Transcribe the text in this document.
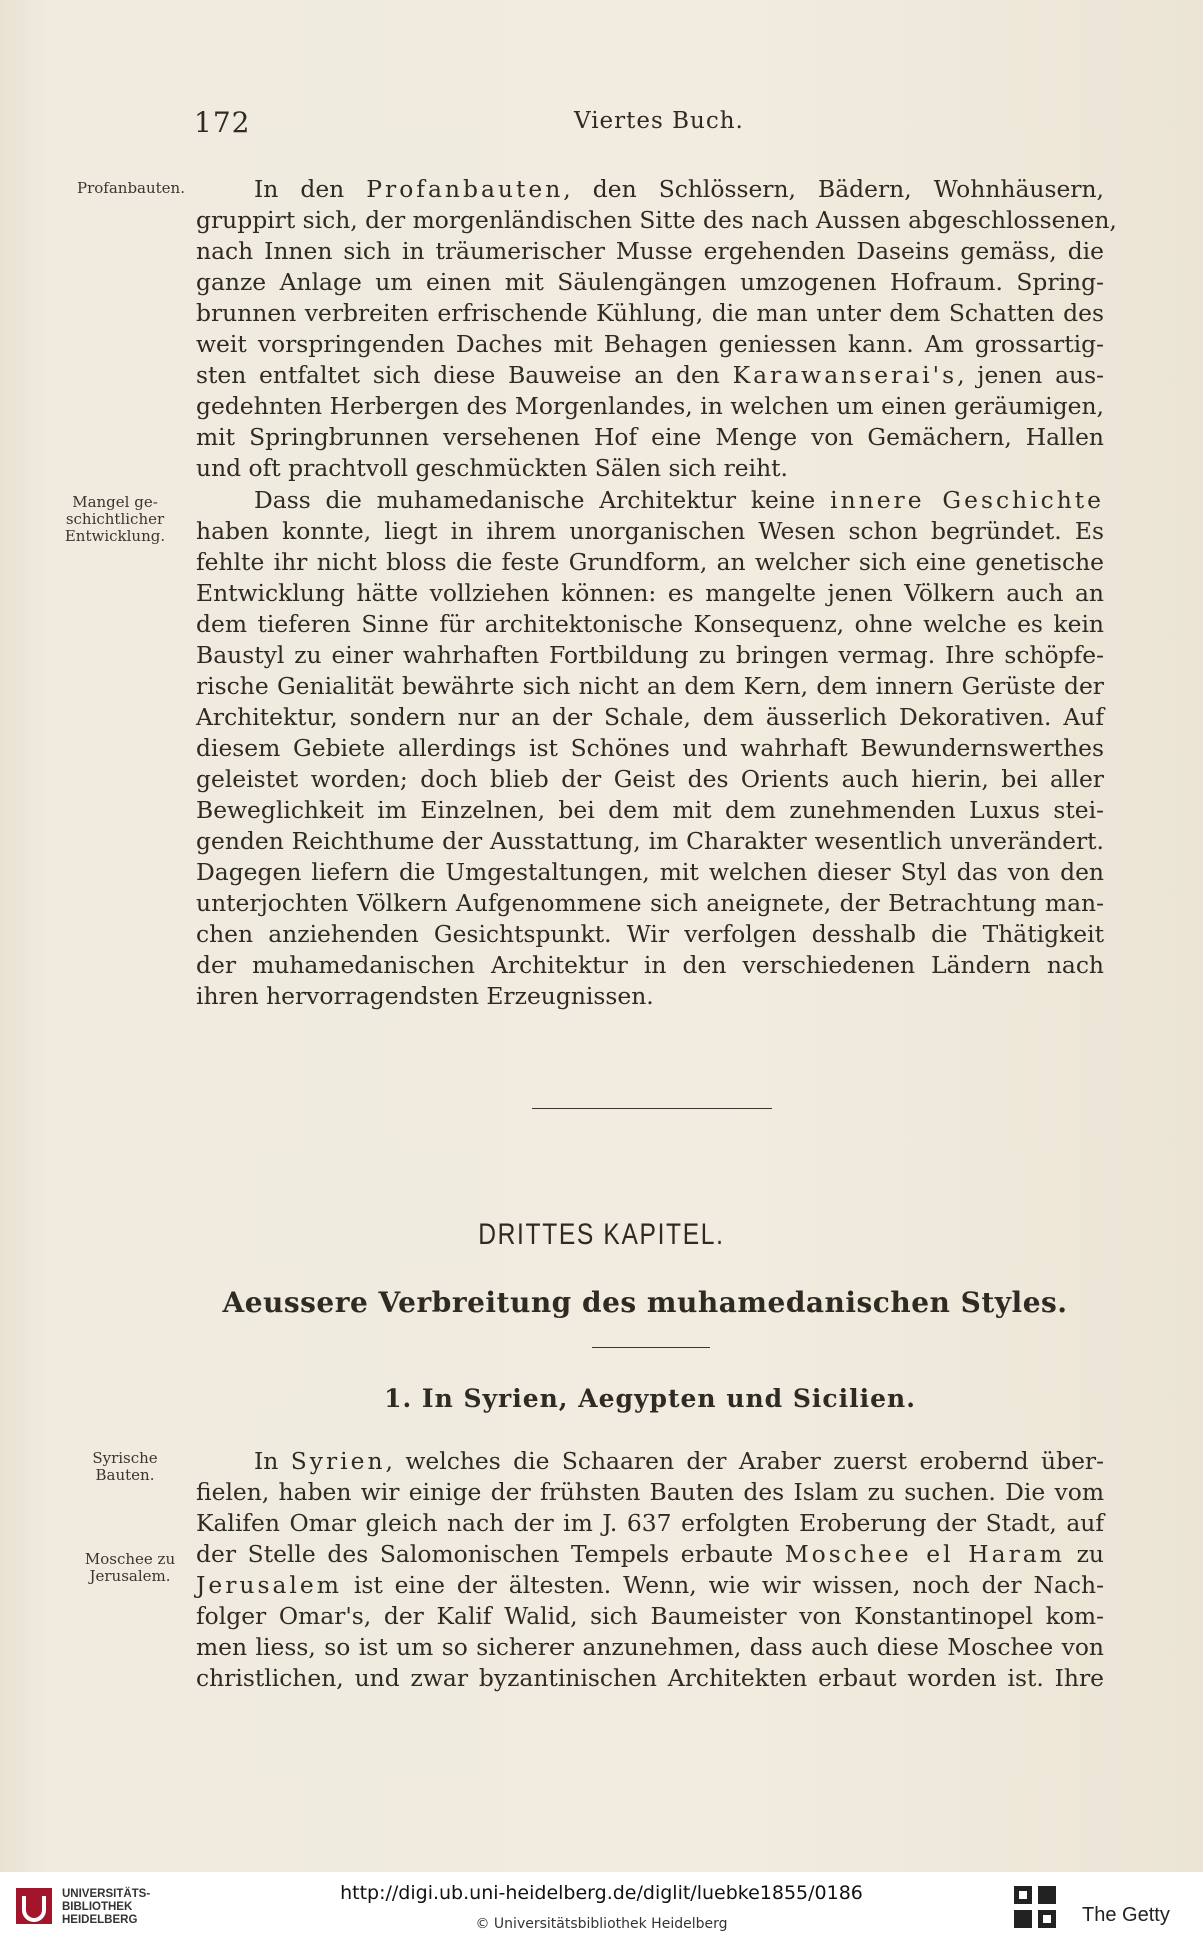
172	Viertes Buch.
Profanbauten.
Mangel ge-
schichtlicher
Entwicklung.
Syrische
Bauten.
Moschee zu
Jerusalem.
In den Profanbauten, den Schlössern, Bädern, Wohnhäusern,
gruppirt sich, der morgenländischen Sitte des nach Aussen abgeschlossenen,
nach Innen sich in träumerischer Musse ergehenden Daseins gemäss, die
ganze Anlage um einen mit Säulengängen umzogenen Hofraum. Spring-
brunnen verbreiten erfrischende Kühlung, die man unter dem Schatten des
weit vorspringenden Daches mit Behagen geniessen kann. Am grossartig-
sten entfaltet sich diese Bauweise an den Karawanserai's, jenen aus-
gedehnten Herbergen des Morgenlandes, in welchen um einen geräumigen,
mit Springbrunnen versehenen Hof eine Menge von Gemächern, Hallen
und oft prachtvoll geschmückten Sälen sich reiht.
Dass die muhamedanische Architektur keine innere Geschichte
haben konnte, liegt in ihrem unorganischen Wesen schon begründet. Es
fehlte ihr nicht bloss die feste Grundform, an welcher sich eine genetische
Entwicklung hätte vollziehen können: es mangelte jenen Völkern auch an
dem tieferen Sinne für architektonische Konsequenz, ohne welche es kein
Baustyl zu einer wahrhaften Fortbildung zu bringen vermag. Ihre schöpfe-
rische Genialität bewährte sich nicht an dem Kern, dem innern Gerüste der
Architektur, sondern nur an der Schale, dem äusserlich Dekorativen. Auf
diesem Gebiete allerdings ist Schönes und wahrhaft Bewundernswerthes
geleistet worden; doch blieb der Geist des Orients auch hierin, bei aller
Beweglichkeit im Einzelnen, bei dem mit dem zunehmenden Luxus stei-
genden Reichthume der Ausstattung, im Charakter wesentlich unverändert.
Dagegen liefern die Umgestaltungen, mit welchen dieser Styl das von den
unterjochten Völkern Aufgenommene sich aneignete, der Betrachtung man-
chen anziehenden Gesichtspunkt. Wir verfolgen desshalb die Thätigkeit
der muhamedanischen Architektur in den verschiedenen Ländern nach
ihren hervorragendsten Erzeugnissen.
DRITTES KAPITEL.
Aeussere Verbreitung des muhamedanischen Styles.
1. In Syrien, Aegypten und Sicilien.
In Syrien, welches die Schaaren der Araber zuerst erobernd über-
fielen, haben wir einige der frühsten Bauten des Islam zu suchen. Die vom
Kalifen Omar gleich nach der im J. 637 erfolgten Eroberung der Stadt, auf
der Stelle des Salomonischen Tempels erbaute Moschee el Haram zu
Jerusalem ist eine der ältesten. Wenn, wie wir wissen, noch der Nach-
folger Omar's, der Kalif Walid, sich Baumeister von Konstantinopel kom-
men liess, so ist um so sicherer anzunehmen, dass auch diese Moschee von
christlichen, und zwar byzantinischen Architekten erbaut worden ist. Ihre
UNIVERSITÄTS-
BIBLIOTHEK
HEIDELBERG
http://digi.ub.uni-heidelberg.de/diglit/luebke1855/0186
© Universitätsbibliothek Heidelberg	The Getty
